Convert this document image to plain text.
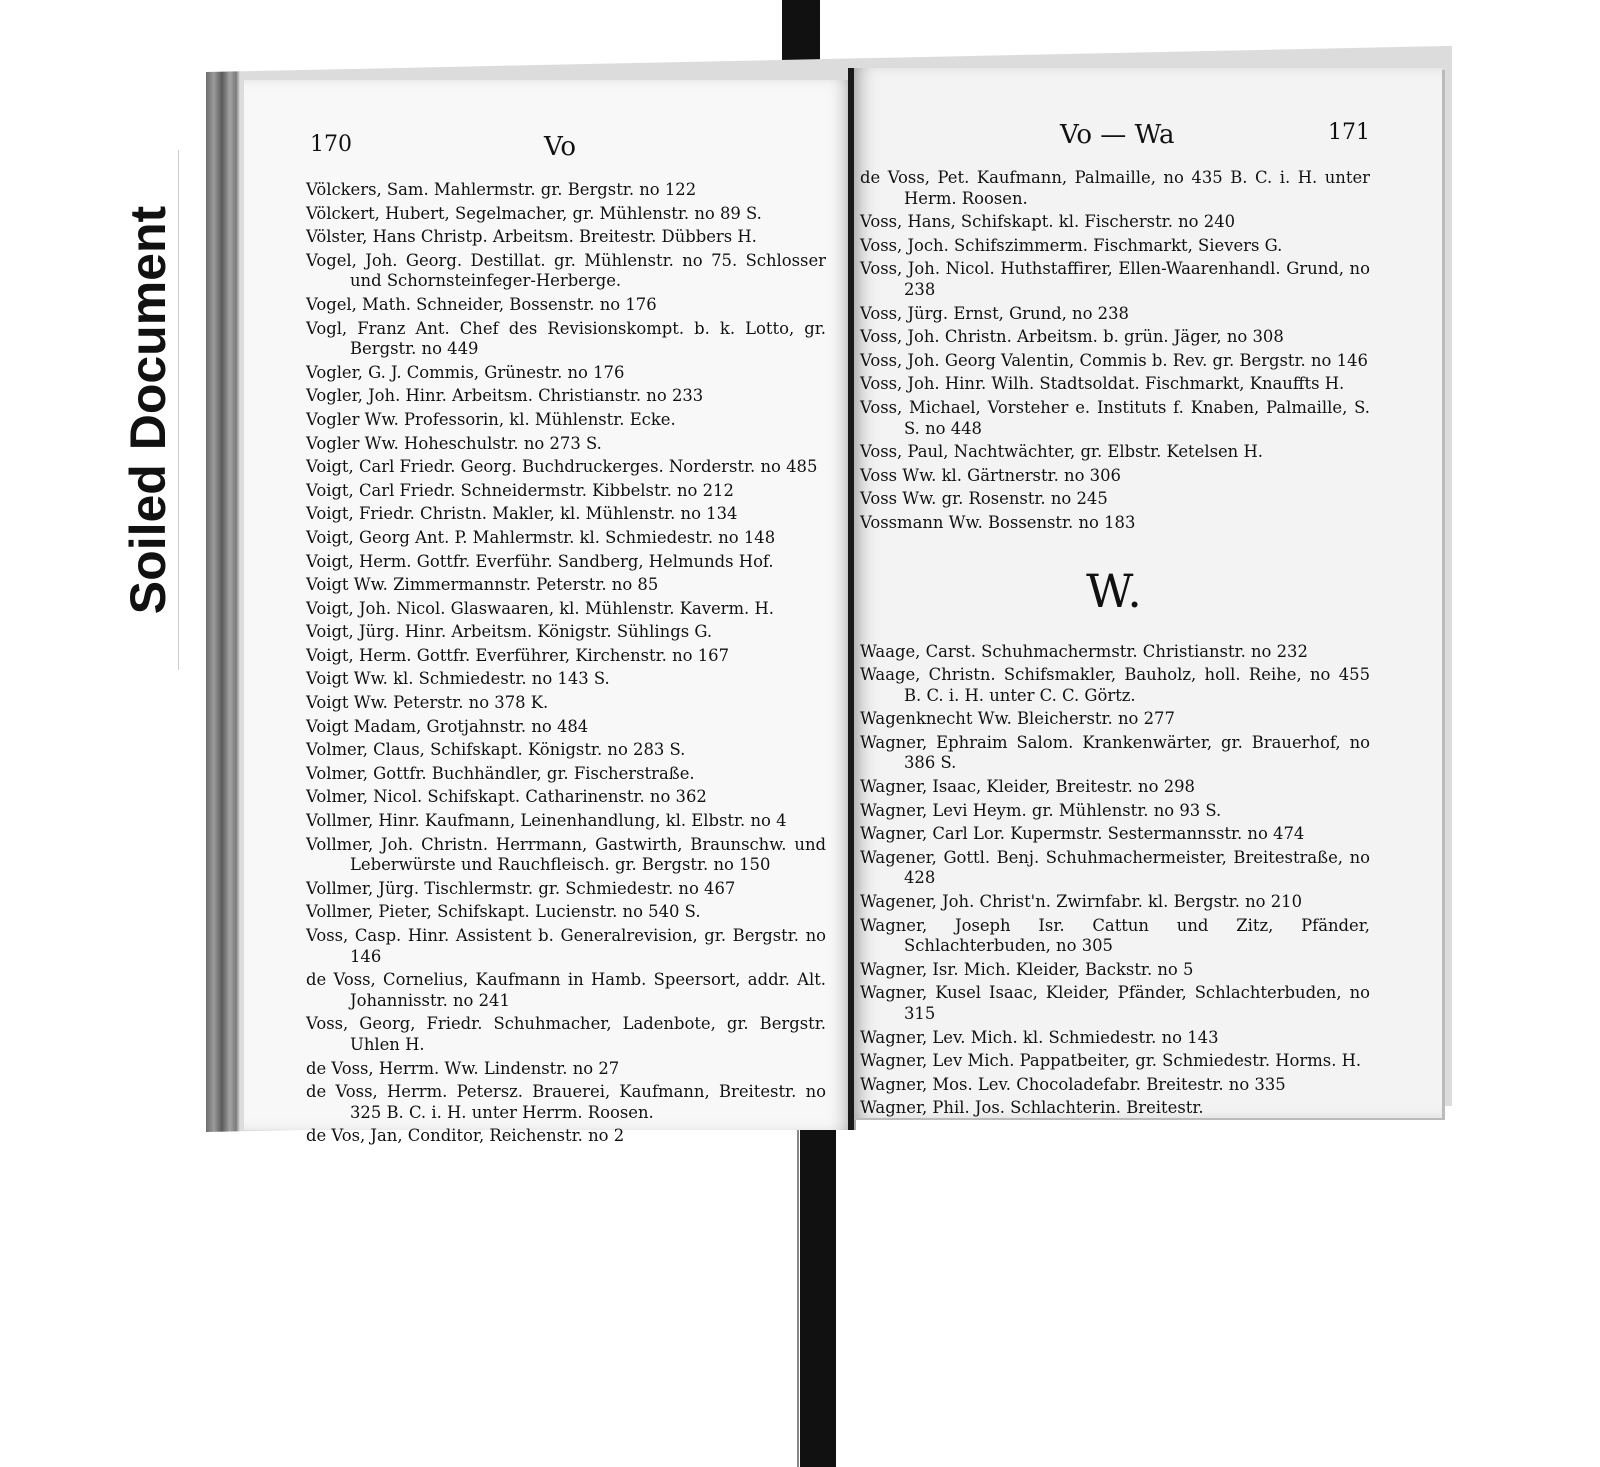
Soiled Document
170	Vo
Völckers, Sam. Mahlermstr. gr. Bergstr. no 122
Völckert, Hubert, Segelmacher, gr. Mühlenstr. no 89 S.
Völster, Hans Christp. Arbeitsm. Breitestr. Dübbers H.
Vogel, Joh. Georg. Destillat. gr. Mühlenstr. no 75. Schlosser und Schornsteinfeger-Herberge.
Vogel, Math. Schneider, Bossenstr. no 176
Vogl, Franz Ant. Chef des Revisionskompt. b. k. Lotto, gr. Bergstr. no 449
Vogler, G. J. Commis, Grünestr. no 176
Vogler, Joh. Hinr. Arbeitsm. Christianstr. no 233
Vogler Ww. Professorin, kl. Mühlenstr. Ecke.
Vogler Ww. Hoheschulstr. no 273 S.
Voigt, Carl Friedr. Georg. Buchdruckerges. Norderstr. no 485
Voigt, Carl Friedr. Schneidermstr. Kibbelstr. no 212
Voigt, Friedr. Christn. Makler, kl. Mühlenstr. no 134
Voigt, Georg Ant. P. Mahlermstr. kl. Schmiedestr. no 148
Voigt, Herm. Gottfr. Everführ. Sandberg, Helmunds Hof.
Voigt Ww. Zimmermannstr. Peterstr. no 85
Voigt, Joh. Nicol. Glaswaaren, kl. Mühlenstr. Kaverm. H.
Voigt, Jürg. Hinr. Arbeitsm. Königstr. Sühlings G.
Voigt, Herm. Gottfr. Everführer, Kirchenstr. no 167
Voigt Ww. kl. Schmiedestr. no 143 S.
Voigt Ww. Peterstr. no 378 K.
Voigt Madam, Grotjahnstr. no 484
Volmer, Claus, Schifskapt. Königstr. no 283 S.
Volmer, Gottfr. Buchhändler, gr. Fischerstraße.
Volmer, Nicol. Schifskapt. Catharinenstr. no 362
Vollmer, Hinr. Kaufmann, Leinenhandlung, kl. Elbstr. no 4
Vollmer, Joh. Christn. Herrmann, Gastwirth, Braunschw. und Leberwürste und Rauchfleisch. gr. Bergstr. no 150
Vollmer, Jürg. Tischlermstr. gr. Schmiedestr. no 467
Vollmer, Pieter, Schifskapt. Lucienstr. no 540 S.
Voss, Casp. Hinr. Assistent b. Generalrevision, gr. Bergstr. no 146
de Voss, Cornelius, Kaufmann in Hamb. Speersort, addr. Alt. Johannisstr. no 241
Voss, Georg, Friedr. Schuhmacher, Ladenbote, gr. Bergstr. Uhlen H.
de Voss, Herrm. Ww. Lindenstr. no 27
de Voss, Herrm. Petersz. Brauerei, Kaufmann, Breitestr. no 325 B. C. i. H. unter Herrm. Roosen.
de Vos, Jan, Conditor, Reichenstr. no 2
Vo — Wa	171
de Voss, Pet. Kaufmann, Palmaille, no 435 B. C. i. H. unter Herm. Roosen.
Voss, Hans, Schifskapt. kl. Fischerstr. no 240
Voss, Joch. Schifszimmerm. Fischmarkt, Sievers G.
Voss, Joh. Nicol. Huthstaffirer, Ellen-Waarenhandl. Grund, no 238
Voss, Jürg. Ernst, Grund, no 238
Voss, Joh. Christn. Arbeitsm. b. grün. Jäger, no 308
Voss, Joh. Georg Valentin, Commis b. Rev. gr. Bergstr. no 146
Voss, Joh. Hinr. Wilh. Stadtsoldat. Fischmarkt, Knauffts H.
Voss, Michael, Vorsteher e. Instituts f. Knaben, Palmaille, S. S. no 448
Voss, Paul, Nachtwächter, gr. Elbstr. Ketelsen H.
Voss Ww. kl. Gärtnerstr. no 306
Voss Ww. gr. Rosenstr. no 245
Vossmann Ww. Bossenstr. no 183
W.
Waage, Carst. Schuhmachermstr. Christianstr. no 232
Waage, Christn. Schifsmakler, Bauholz, holl. Reihe, no 455 B. C. i. H. unter C. C. Görtz.
Wagenknecht Ww. Bleicherstr. no 277
Wagner, Ephraim Salom. Krankenwärter, gr. Brauerhof, no 386 S.
Wagner, Isaac, Kleider, Breitestr. no 298
Wagner, Levi Heym. gr. Mühlenstr. no 93 S.
Wagner, Carl Lor. Kupermstr. Sestermannsstr. no 474
Wagener, Gottl. Benj. Schuhmachermeister, Breitestraße, no 428
Wagener, Joh. Christ'n. Zwirnfabr. kl. Bergstr. no 210
Wagner, Joseph Isr. Cattun und Zitz, Pfänder, Schlachterbuden, no 305
Wagner, Isr. Mich. Kleider, Backstr. no 5
Wagner, Kusel Isaac, Kleider, Pfänder, Schlachterbuden, no 315
Wagner, Lev. Mich. kl. Schmiedestr. no 143
Wagner, Lev Mich. Pappatbeiter, gr. Schmiedestr. Horms. H.
Wagner, Mos. Lev. Chocoladefabr. Breitestr. no 335
Wagner, Phil. Jos. Schlachterin. Breitestr.
